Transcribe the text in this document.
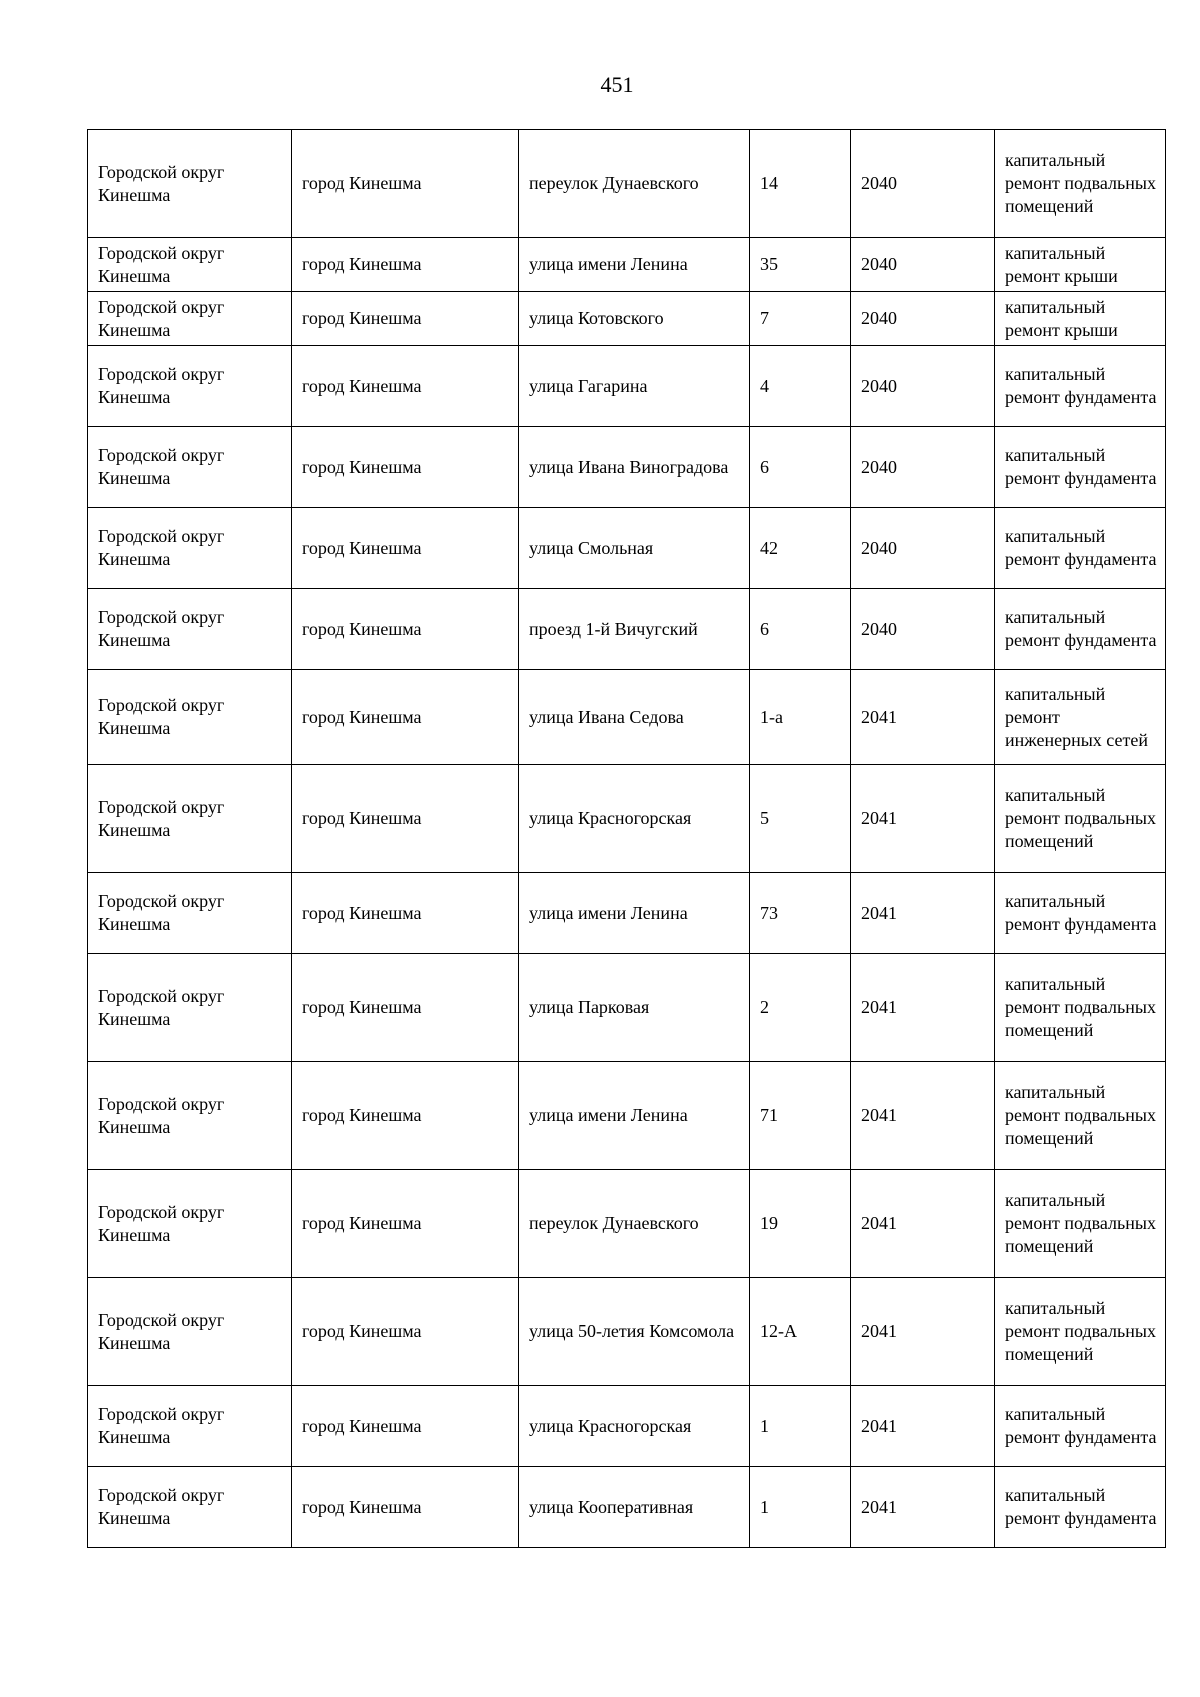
451
Городской округ Кинешма	город Кинешма	переулок Дунаевского	14	2040	капитальный ремонт подвальных помещений
Городской округ Кинешма	город Кинешма	улица имени Ленина	35	2040	капитальный ремонт крыши
Городской округ Кинешма	город Кинешма	улица Котовского	7	2040	капитальный ремонт крыши
Городской округ Кинешма	город Кинешма	улица Гагарина	4	2040	капитальный ремонт фундамента
Городской округ Кинешма	город Кинешма	улица Ивана Виноградова	6	2040	капитальный ремонт фундамента
Городской округ Кинешма	город Кинешма	улица Смольная	42	2040	капитальный ремонт фундамента
Городской округ Кинешма	город Кинешма	проезд 1-й Вичугский	6	2040	капитальный ремонт фундамента
Городской округ Кинешма	город Кинешма	улица Ивана Седова	1-а	2041	капитальный ремонт инженерных сетей
Городской округ Кинешма	город Кинешма	улица Красногорская	5	2041	капитальный ремонт подвальных помещений
Городской округ Кинешма	город Кинешма	улица имени Ленина	73	2041	капитальный ремонт фундамента
Городской округ Кинешма	город Кинешма	улица Парковая	2	2041	капитальный ремонт подвальных помещений
Городской округ Кинешма	город Кинешма	улица имени Ленина	71	2041	капитальный ремонт подвальных помещений
Городской округ Кинешма	город Кинешма	переулок Дунаевского	19	2041	капитальный ремонт подвальных помещений
Городской округ Кинешма	город Кинешма	улица 50-летия Комсомола	12-А	2041	капитальный ремонт подвальных помещений
Городской округ Кинешма	город Кинешма	улица Красногорская	1	2041	капитальный ремонт фундамента
Городской округ Кинешма	город Кинешма	улица Кооперативная	1	2041	капитальный ремонт фундамента
